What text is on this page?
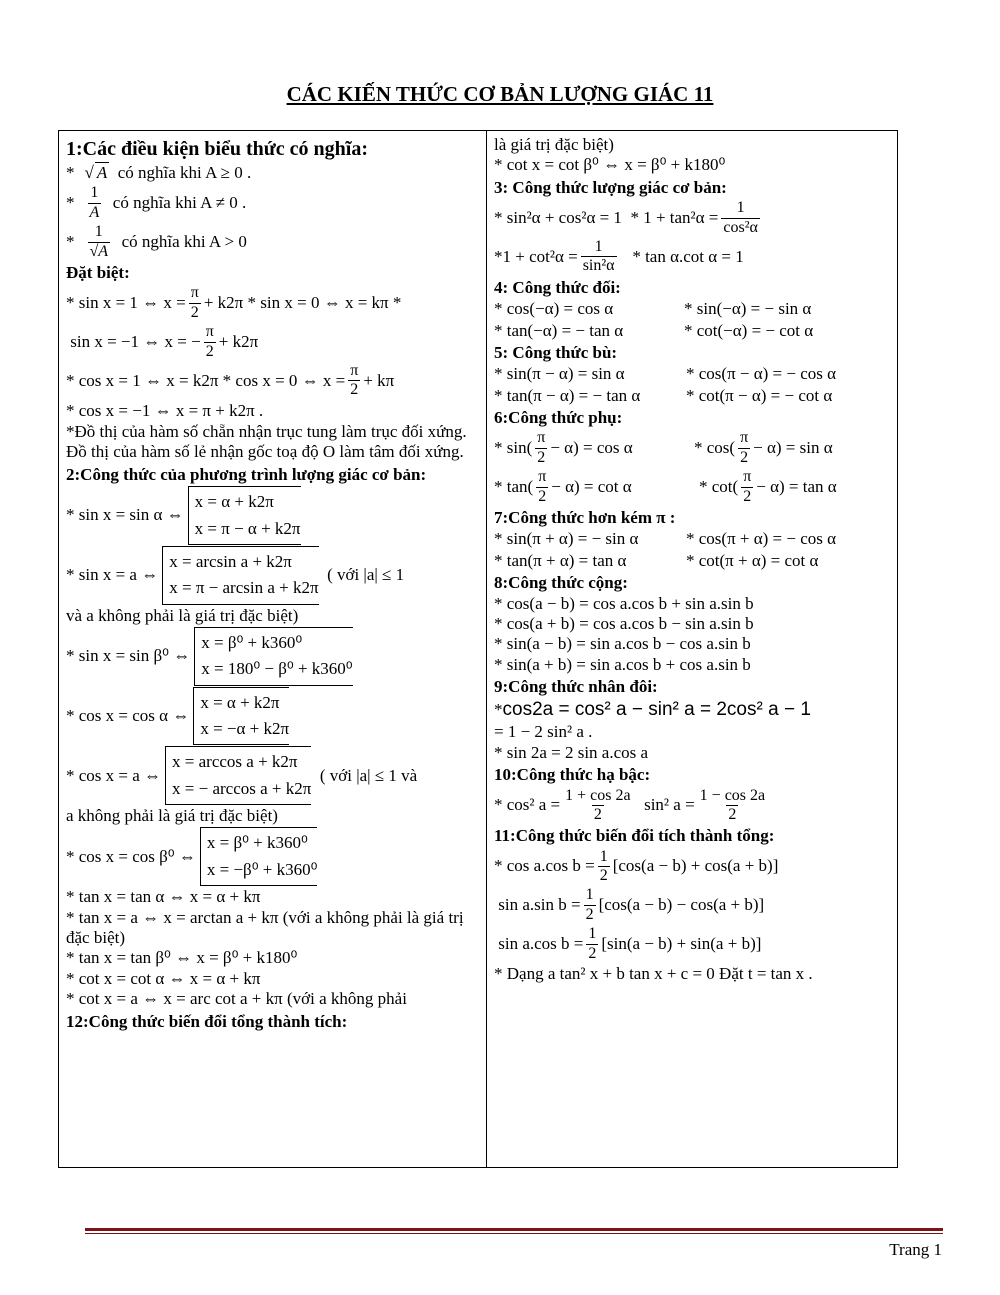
CÁC KIẾN THỨC CƠ BẢN LƯỢNG GIÁC 11
1:Các điều kiện biểu thức có nghĩa:
* √ A
có nghĩa khi A ≥ 0 .
* $\frac{1}{A}$
có nghĩa khi A ≠ 0 .
* $\frac{1}{√A}$
có nghĩa khi A > 0
Đặt biệt:
* sin x = 1 ⇔ $x = \frac{\pi}{2} + k2\pi * \sin x = 0$ ⇔ x = kπ *

sin x = −1 ⇔ x = − $\frac{\pi}{2} + k2\pi$
* cos x = 1 ⇔ x = k2π * cos x = 0 ⇔ $x = \frac{\pi}{2} + k\pi$
* cos x = −1 ⇔ x = π + k2π .
*Đồ thị của hàm số chẵn nhận trục tung làm trục đối xứng. Đồ thị của hàm số lẻ nhận gốc toạ độ O làm tâm đối xứng.
2:Công thức của phương trình lượng giác cơ bản:
* sin x = sin α ⇔
x = α + k2π
x = π − α + k2π
* sin x = a ⇔
x = arcsin a + k2π
x = π − arcsin a + k2π

( với |a| ≤ 1
và a không phải là giá trị đặc biệt)
* sin x = sin β⁰ ⇔
x = β⁰ + k360⁰
x = 180⁰ − β⁰ + k360⁰
* cos x = cos α ⇔
x = α + k2π
x = −α + k2π
* cos x = a ⇔
x = arccos a + k2π
x = − arccos a + k2π

( với |a| ≤ 1 và
a không phải là giá trị đặc biệt)
* cos x = cos β⁰ ⇔
x = β⁰ + k360⁰
x = −β⁰ + k360⁰
* tan x = tan α ⇔ x = α + kπ
* tan x = a ⇔ x = arctan a + kπ (với a không phải là giá trị đặc biệt)
* tan x = tan β⁰ ⇔ x = β⁰ + k180⁰
* cot x = cot α ⇔ x = α + kπ
* cot x = a ⇔ x = arc cot a + kπ (với a không phải
12:Công thức biến đổi tổng thành tích:
là giá trị đặc biệt)
* cot x = cot β⁰ ⇔ x = β⁰ + k180⁰
3: Công thức lượng giác cơ bản:
* sin²α + cos²α = 1
* $1 + \tan^2\alpha = \frac{1}{\text{cos²α}}$
$*1 + \cot^2\alpha = \frac{1}{\text{sin²α}}$
* tan α.cot α = 1
4: Công thức đối:
* cos(−α) = cos α	* sin(−α) = − sin α
* tan(−α) = − tan α	* cot(−α) = − cot α
5: Công thức bù:
* sin(π − α) = sin α	* cos(π − α) = − cos α
* tan(π − α) = − tan α	* cot(π − α) = − cot α
6:Công thức phụ:
* $\sin( \frac{\pi}{2} - \alpha) = \cos \alpha$	* $\cos( \frac{\pi}{2} - \alpha) = \sin \alpha$
* $\tan( \frac{\pi}{2} - \alpha) = \cot \alpha$	* $\cot( \frac{\pi}{2} - \alpha) = \tan \alpha$
7:Công thức hơn kém π :
* sin(π + α) = − sin α	* cos(π + α) = − cos α
* tan(π + α) = tan α	* cot(π + α) = cot α
8:Công thức cộng:
* cos(a − b) = cos a.cos b + sin a.sin b
* cos(a + b) = cos a.cos b − sin a.sin b
* sin(a − b) = sin a.cos b − cos a.sin b
* sin(a + b) = sin a.cos b + cos a.sin b
9:Công thức nhân đôi:
* cos2a = cos² a − sin² a = 2cos² a − 1
= 1 − 2 sin² a .
* sin 2a = 2 sin a.cos a
10:Công thức hạ bậc:
* cos² $a = \frac{1 + \cos 2a}{2}$
sin² $a = \frac{1 - \cos 2a}{2}$
11:Công thức biến đổi tích thành tổng:
* cos a.cos $b = \frac{1}{2} [\cos(a - b) + \cos(a + b)]$

sin a.sin $b = \frac{1}{2} [\cos(a - b) - \cos(a + b)]$

sin a.cos $b = \frac{1}{2} [\sin(a - b) + \sin(a + b)]$
* Dạng a tan² x + b tan x + c = 0 Đặt t = tan x .
Trang 1
